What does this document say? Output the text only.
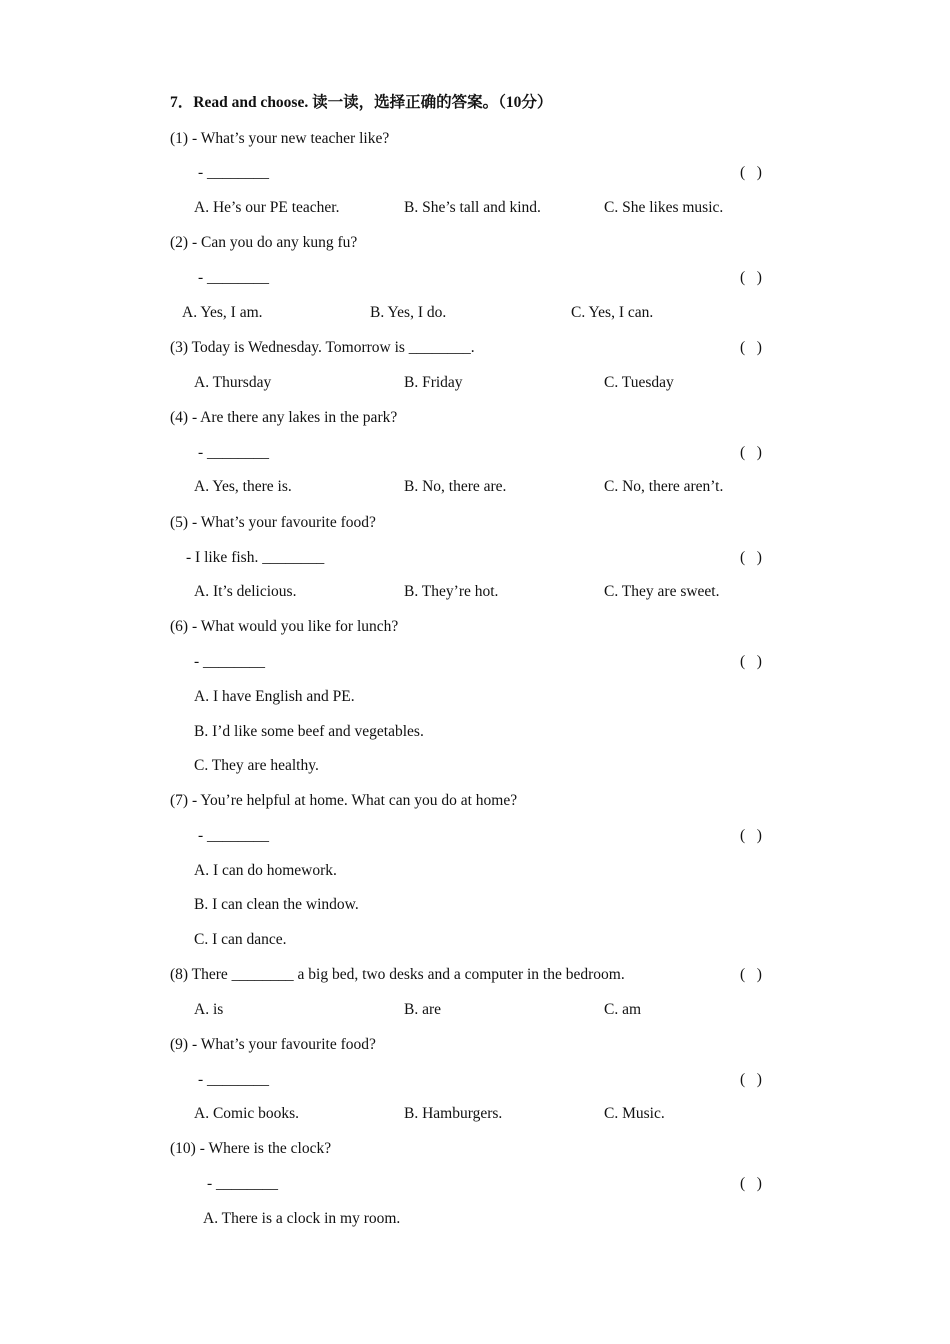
7．Read and choose. 读一读，选择正确的答案。（10分）
(1) - What’s your new teacher like?
- ________	(   )
A. He’s our PE teacher.	B. She’s tall and kind.	C. She likes music.
(2) - Can you do any kung fu?
- ________	(   )
A. Yes, I am.	B. Yes, I do.	C. Yes, I can.
(3) Today is Wednesday. Tomorrow is ________.	(   )
A. Thursday	B. Friday	C. Tuesday
(4) - Are there any lakes in the park?
- ________	(   )
A. Yes, there is.	B. No, there are.	C. No, there aren’t.
(5) - What’s your favourite food?
- I like fish. ________	(   )
A. It’s delicious.	B. They’re hot.	C. They are sweet.
(6) - What would you like for lunch?
- ________	(   )
A. I have English and PE.
B. I’d like some beef and vegetables.
C. They are healthy.
(7) - You’re helpful at home. What can you do at home?
- ________	(   )
A. I can do homework.
B. I can clean the window.
C. I can dance.
(8) There ________ a big bed, two desks and a computer in the bedroom.	(   )
A. is	B. are	C. am
(9) - What’s your favourite food?
- ________	(   )
A. Comic books.	B. Hamburgers.	C. Music.
(10) - Where is the clock?
- ________	(   )
A. There is a clock in my room.
